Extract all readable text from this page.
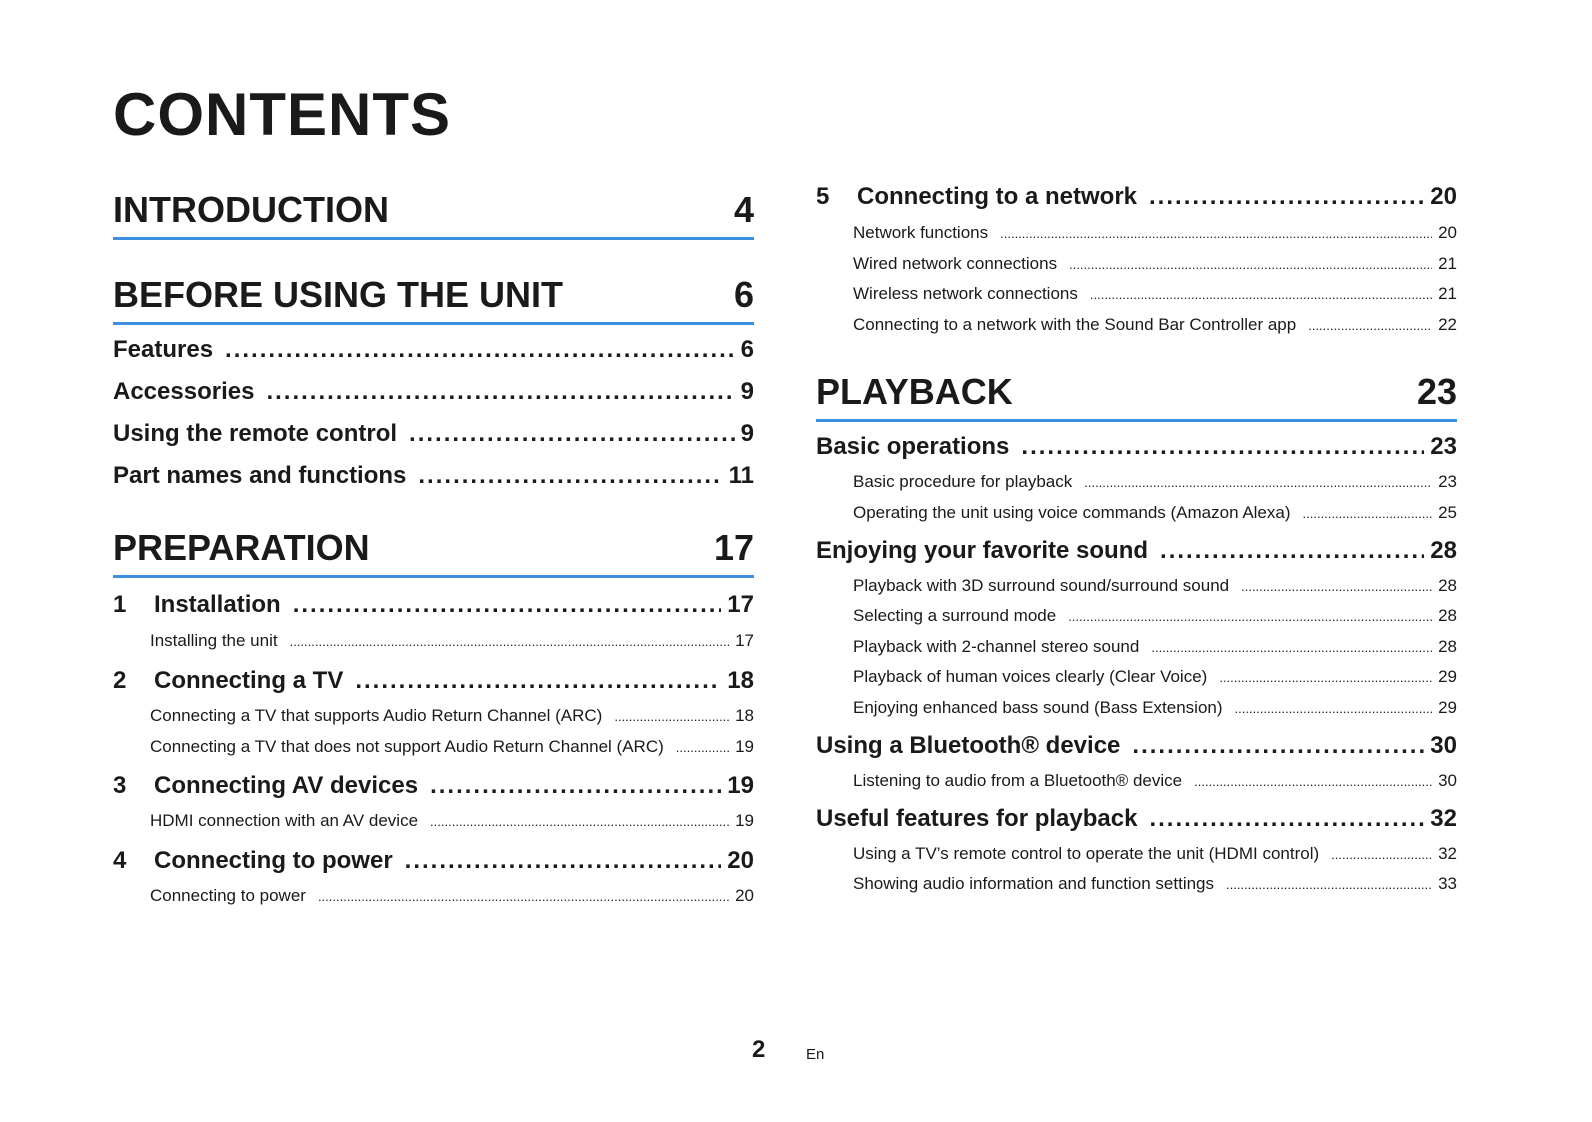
CONTENTS
INTRODUCTION	4
BEFORE USING THE UNIT	6
Features .....	6
Accessories .....	9
Using the remote control .....	9
Part names and functions .....	11
PREPARATION	17
1	Installation .....	17
Installing the unit .....	17
2	Connecting a TV .....	18
Connecting a TV that supports Audio Return Channel (ARC) .....	18
Connecting a TV that does not support Audio Return Channel (ARC) .....	19
3	Connecting AV devices .....	19
HDMI connection with an AV device .....	19
4	Connecting to power .....	20
Connecting to power .....	20
5	Connecting to a network .....	20
Network functions .....	20
Wired network connections .....	21
Wireless network connections .....	21
Connecting to a network with the Sound Bar Controller app .....	22
PLAYBACK	23
Basic operations .....	23
Basic procedure for playback .....	23
Operating the unit using voice commands (Amazon Alexa) .....	25
Enjoying your favorite sound .....	28
Playback with 3D surround sound/surround sound .....	28
Selecting a surround mode .....	28
Playback with 2-channel stereo sound .....	28
Playback of human voices clearly (Clear Voice) .....	29
Enjoying enhanced bass sound (Bass Extension) .....	29
Using a Bluetooth® device .....	30
Listening to audio from a Bluetooth® device .....	30
Useful features for playback .....	32
Using a TV’s remote control to operate the unit (HDMI control) .....	32
Showing audio information and function settings .....	33
2	En
